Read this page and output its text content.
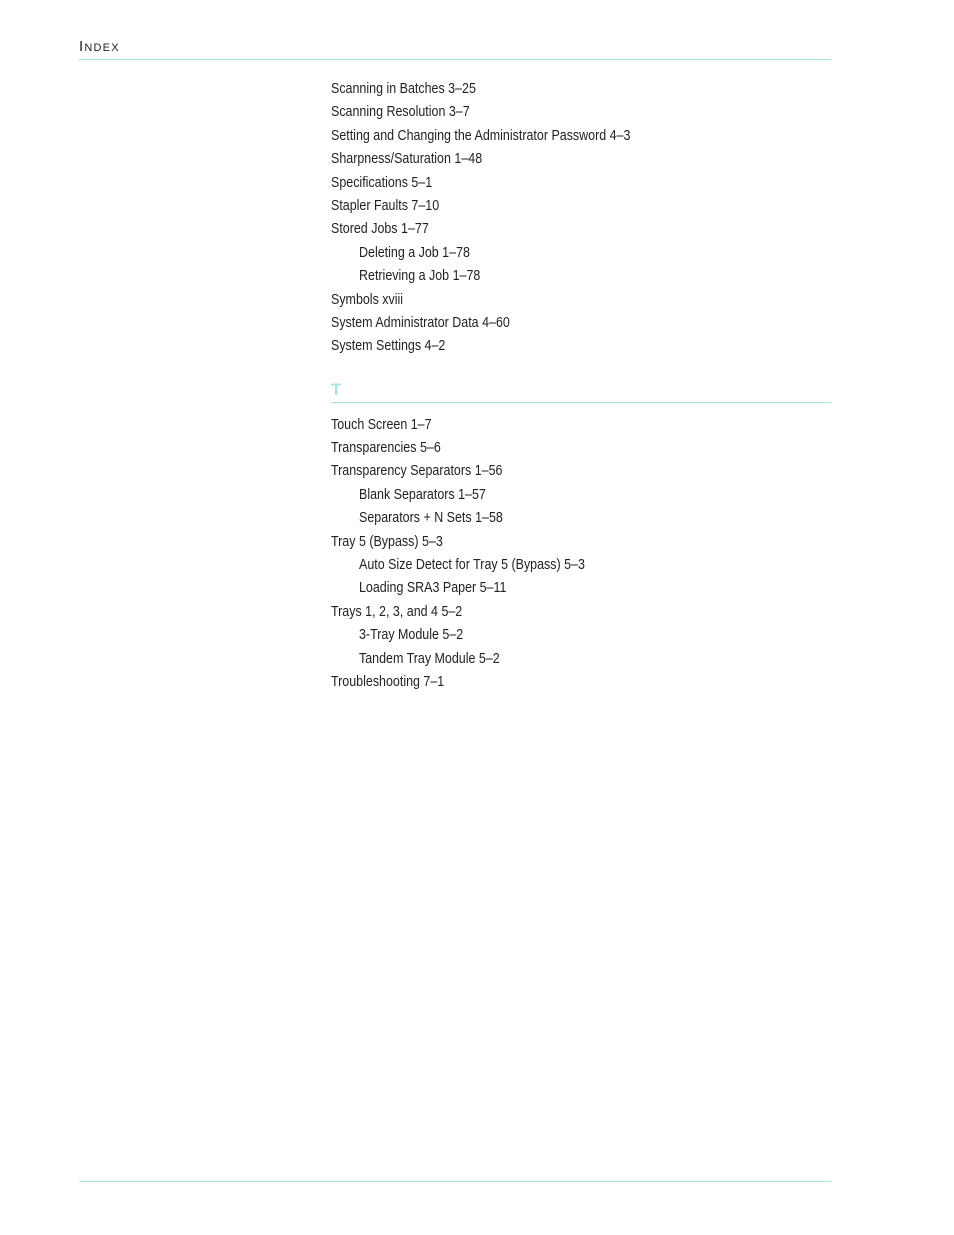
Index
Scanning in Batches 3–25
Scanning Resolution 3–7
Setting and Changing the Administrator Password 4–3
Sharpness/Saturation 1–48
Specifications 5–1
Stapler Faults 7–10
Stored Jobs 1–77
Deleting a Job 1–78
Retrieving a Job 1–78
Symbols xviii
System Administrator Data 4–60
System Settings 4–2
T
Touch Screen 1–7
Transparencies 5–6
Transparency Separators 1–56
Blank Separators 1–57
Separators + N Sets 1–58
Tray 5 (Bypass) 5–3
Auto Size Detect for Tray 5 (Bypass) 5–3
Loading SRA3 Paper 5–11
Trays 1, 2, 3, and 4 5–2
3-Tray Module 5–2
Tandem Tray Module 5–2
Troubleshooting 7–1
